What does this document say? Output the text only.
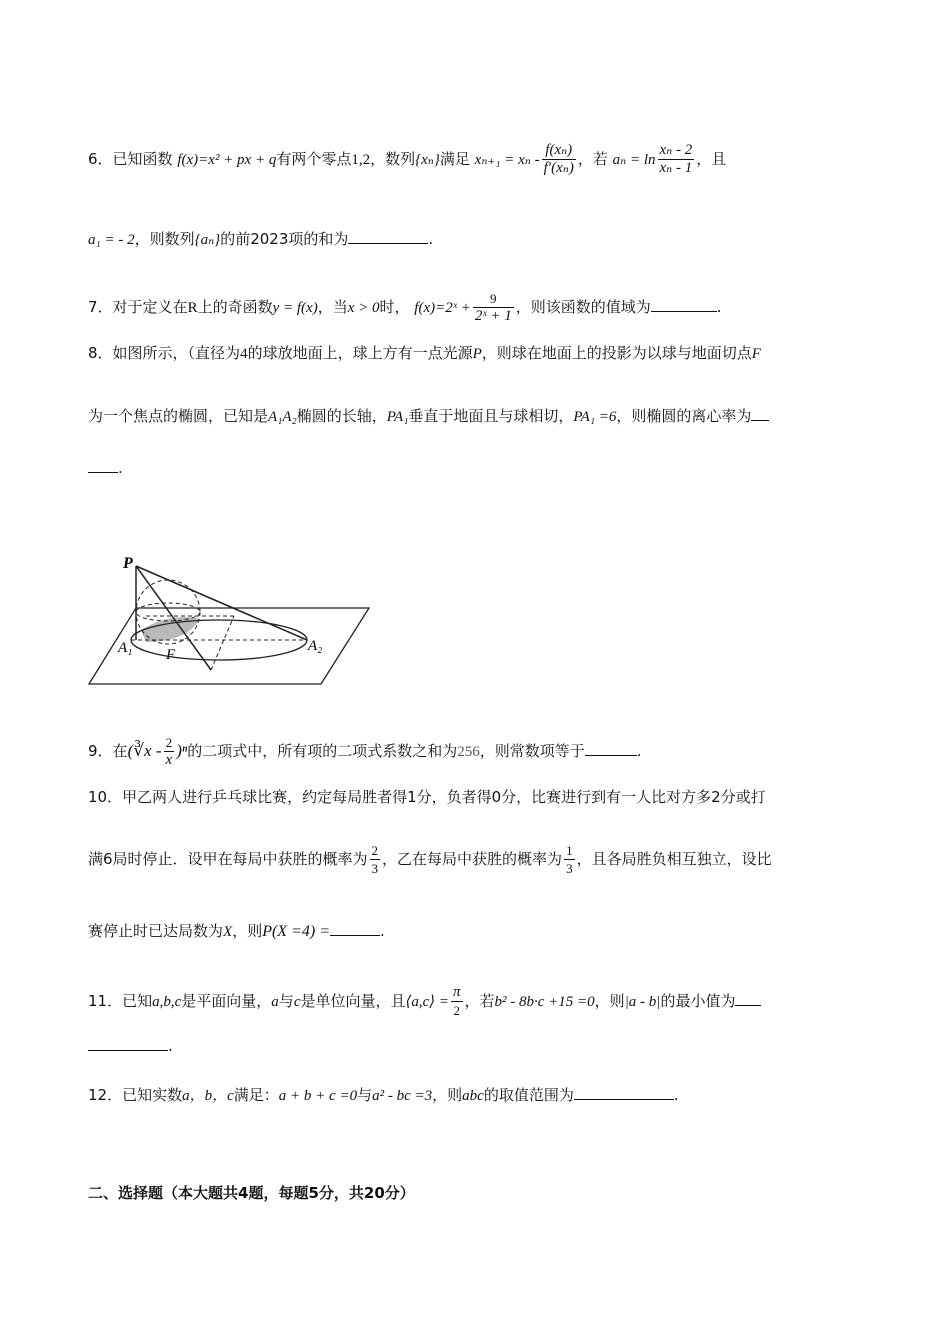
6．已知函数 f(x)=x² + px + q有两个零点1,2，数列{xₙ}满足 $x_{n+1} = x_n - \frac{\text{f(xₙ)}}{\text{f′(xₙ)}}$ ，若 $a_n = \ln \frac{\text{xₙ - 2}}{\text{xₙ - 1}}$ ，且
a₁ = - 2，则数列{aₙ}的前2023项的和为	.
7．对于定义在R上的奇函数y = f(x)，当x > 0时， f(x)=2ˣ + $\frac{9}{\text{2ˣ + 1}}$ ，则该函数的值域为	.
8．如图所示，（直径为4的球放地面上，球上方有一点光源P，则球在地面上的投影为以球与地面切点F
为一个焦点的椭圆，已知是A₁A₂椭圆的长轴，PA₁垂直于地面且与球相切，PA₁ =6，则椭圆的离心率为
.
P
A₁ F
A₂
9．在(∛x - $\frac{2}{x} )^n$的二项式中，所有项的二项式系数之和为256，则常数项等于	.
10．甲乙两人进行乒乓球比赛，约定每局胜者得1分，负者得0分，比赛进行到有一人比对方多2分或打
满6局时停止．设甲在每局中获胜的概率为 $\frac{2}{3}$ ，乙在每局中获胜的概率为 $\frac{1}{3}$ ，且各局胜负相互独立，设比
赛停止时已达局数为X，则P(X =4) =	.
11．已知a,b,c是平面向量，a与c是单位向量，且⟨a,c⟩ = $\frac{\pi}{2}$ ，若b² - 8b·c +15 =0，则|a - b|的最小值为
.
12．已知实数a，b，c满足：a + b + c =0与a² - bc =3，则abc的取值范围为	.
二、选择题（本大题共4题，每题5分，共20分）
